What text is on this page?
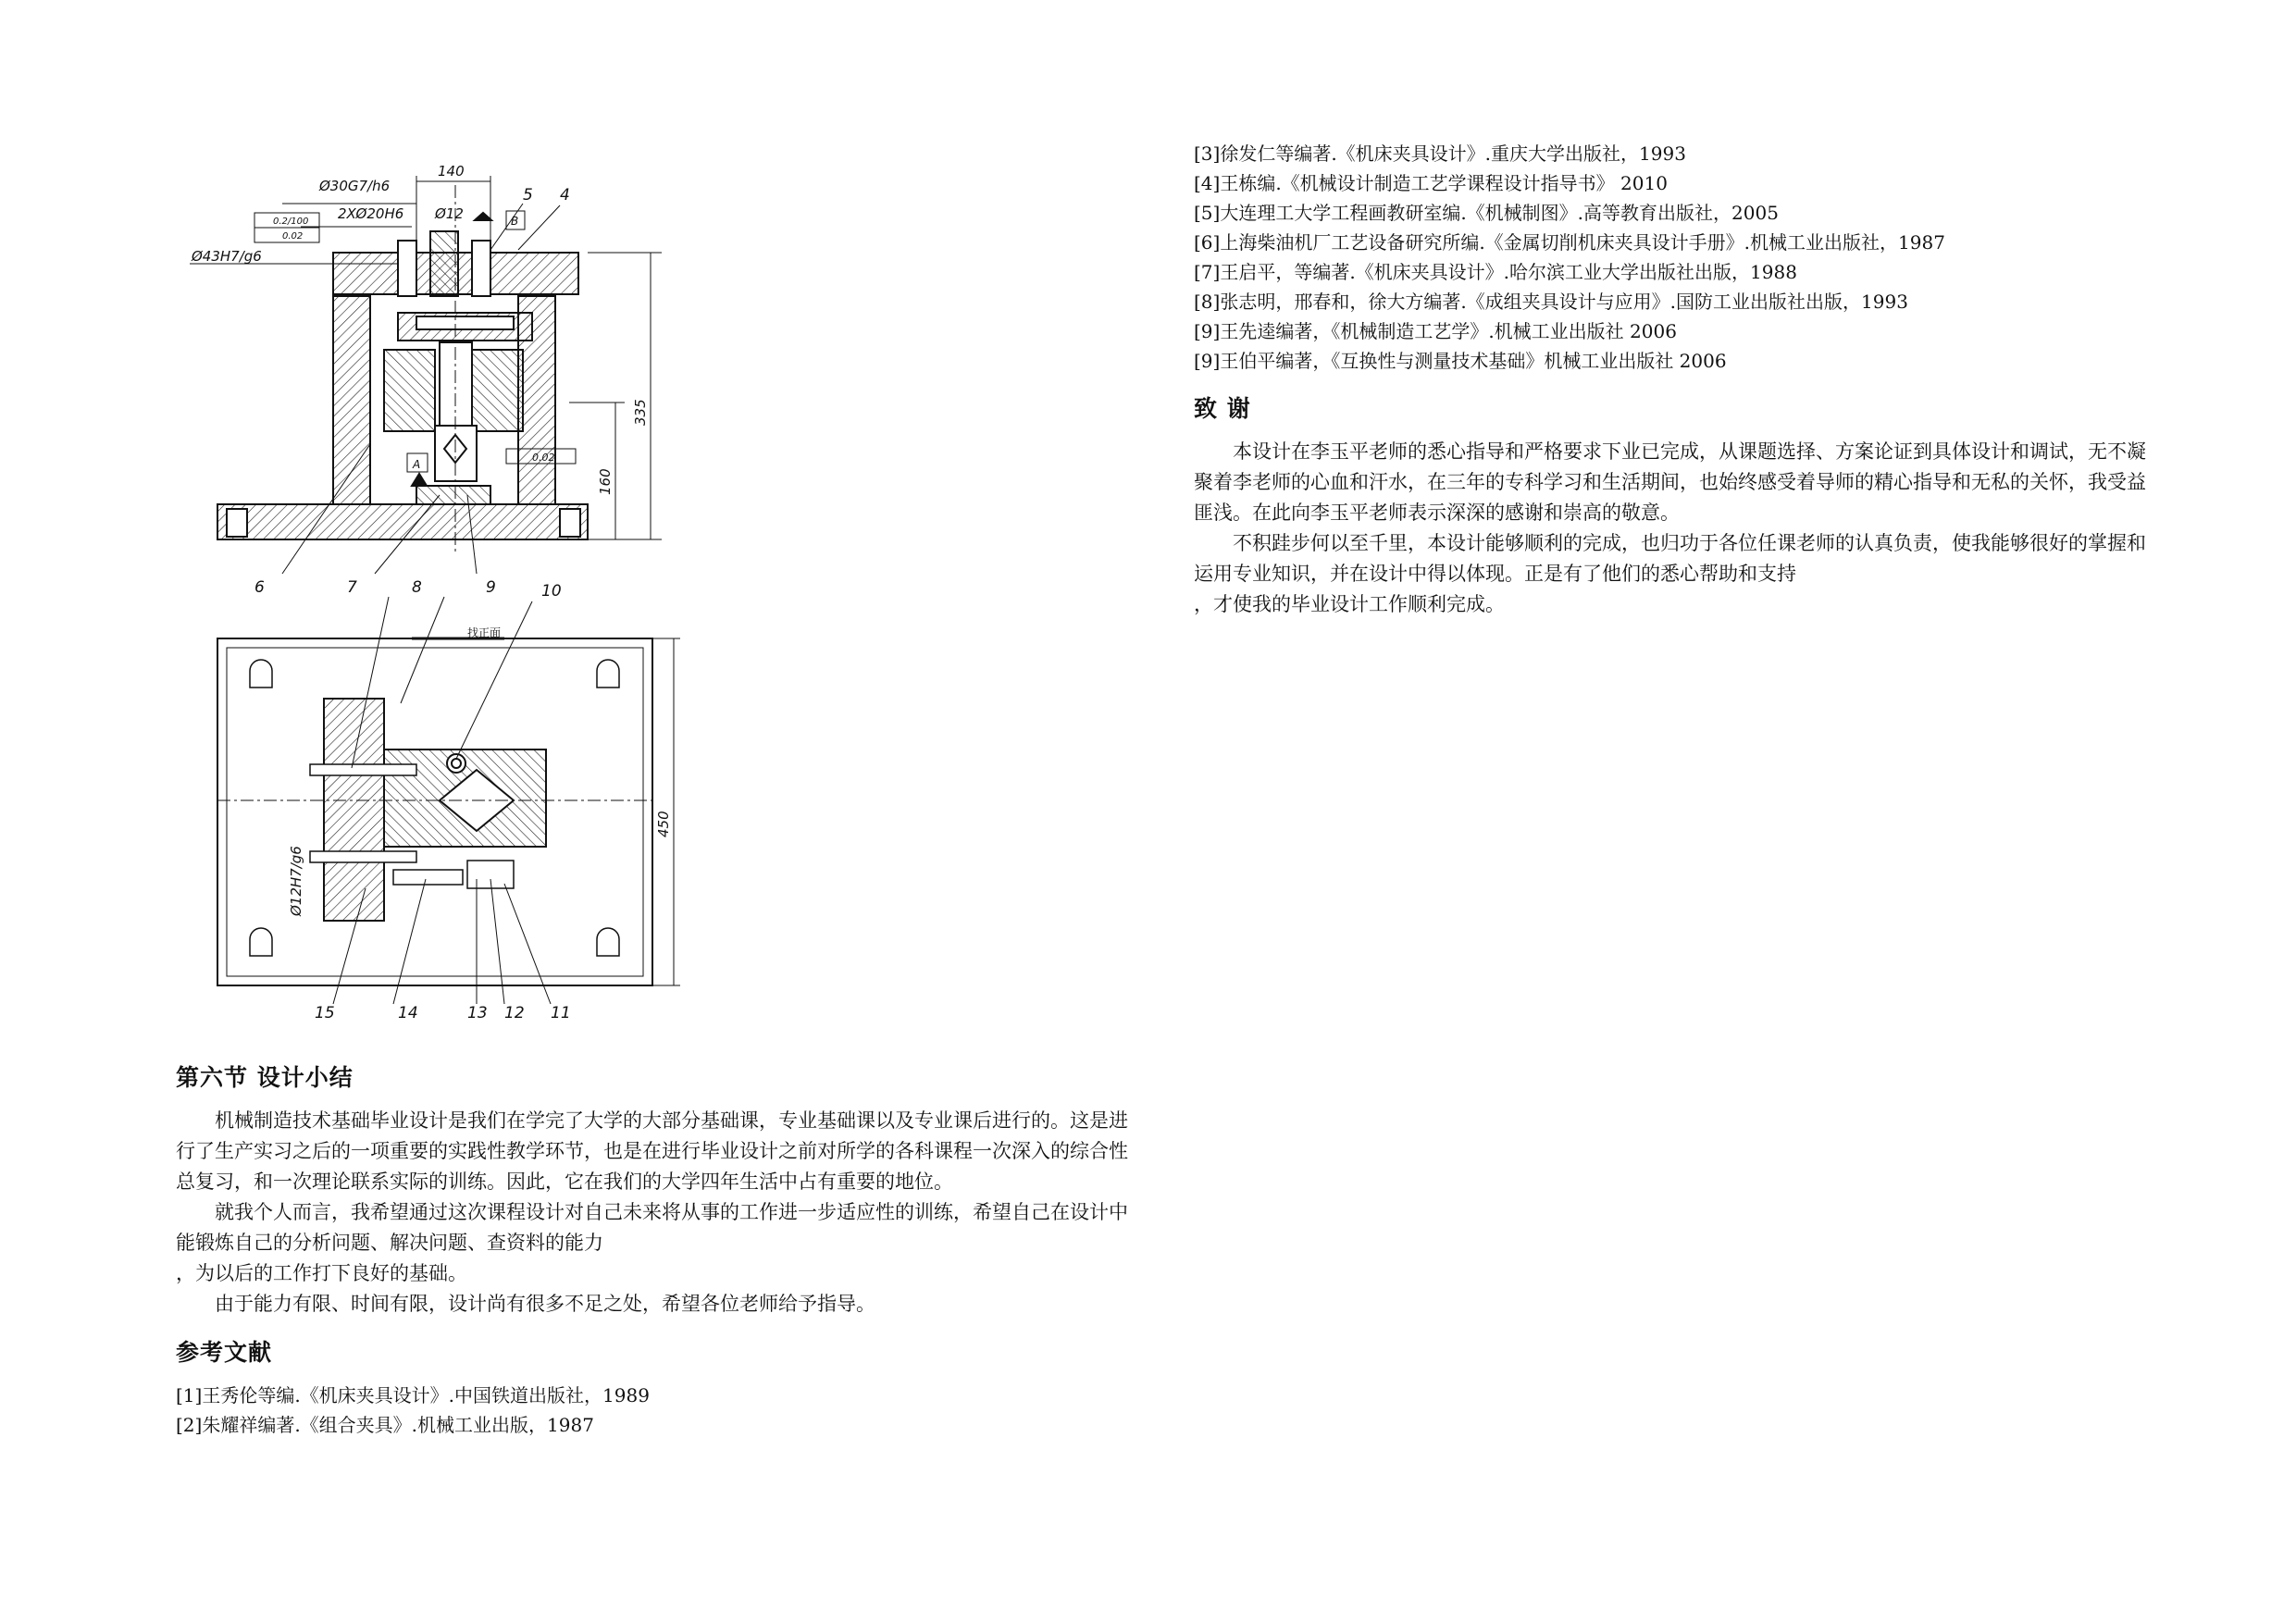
Ø30G7/h6
2XØ20H6 Ø12
Ø43H7/g6
140
0.2/100
0.02
0.02
A
B
找正面
335
160
450
Ø12H7/g6
4
5
6	7	8	9	10
11
12
13
14
15
第六节 设计小结

机械制造技术基础毕业设计是我们在学完了大学的大部分基础课，专业基础课以及专业课后进行的。这是进行了生产实习之后的一项重要的实践性教学环节，也是在进行毕业设计之前对所学的各科课程一次深入的综合性总复习，和一次理论联系实际的训练。因此，它在我们的大学四年生活中占有重要的地位。

就我个人而言，我希望通过这次课程设计对自己未来将从事的工作进一步适应性的训练，希望自己在设计中能锻炼自己的分析问题、解决问题、查资料的能力

，为以后的工作打下良好的基础。

由于能力有限、时间有限，设计尚有很多不足之处，希望各位老师给予指导。

参考文献
[1]王秀伦等编.《机床夹具设计》.中国铁道出版社，1989
[2]朱耀祥编著.《组合夹具》.机械工业出版，1987
[3]徐发仁等编著.《机床夹具设计》.重庆大学出版社，1993
[4]王栋编.《机械设计制造工艺学课程设计指导书》 2010
[5]大连理工大学工程画教研室编.《机械制图》.高等教育出版社，2005
[6]上海柴油机厂工艺设备研究所编.《金属切削机床夹具设计手册》.机械工业出版社，1987
[7]王启平，等编著.《机床夹具设计》.哈尔滨工业大学出版社出版，1988
[8]张志明，邢春和，徐大方编著.《成组夹具设计与应用》.国防工业出版社出版，1993
[9]王先逵编著，《机械制造工艺学》.机械工业出版社 2006
[9]王伯平编著，《互换性与测量技术基础》机械工业出版社 2006
致 谢

本设计在李玉平老师的悉心指导和严格要求下业已完成，从课题选择、方案论证到具体设计和调试，无不凝聚着李老师的心血和汗水，在三年的专科学习和生活期间，也始终感受着导师的精心指导和无私的关怀，我受益匪浅。在此向李玉平老师表示深深的感谢和崇高的敬意。

不积跬步何以至千里，本设计能够顺利的完成，也归功于各位任课老师的认真负责，使我能够很好的掌握和运用专业知识，并在设计中得以体现。正是有了他们的悉心帮助和支持

，才使我的毕业设计工作顺利完成。
